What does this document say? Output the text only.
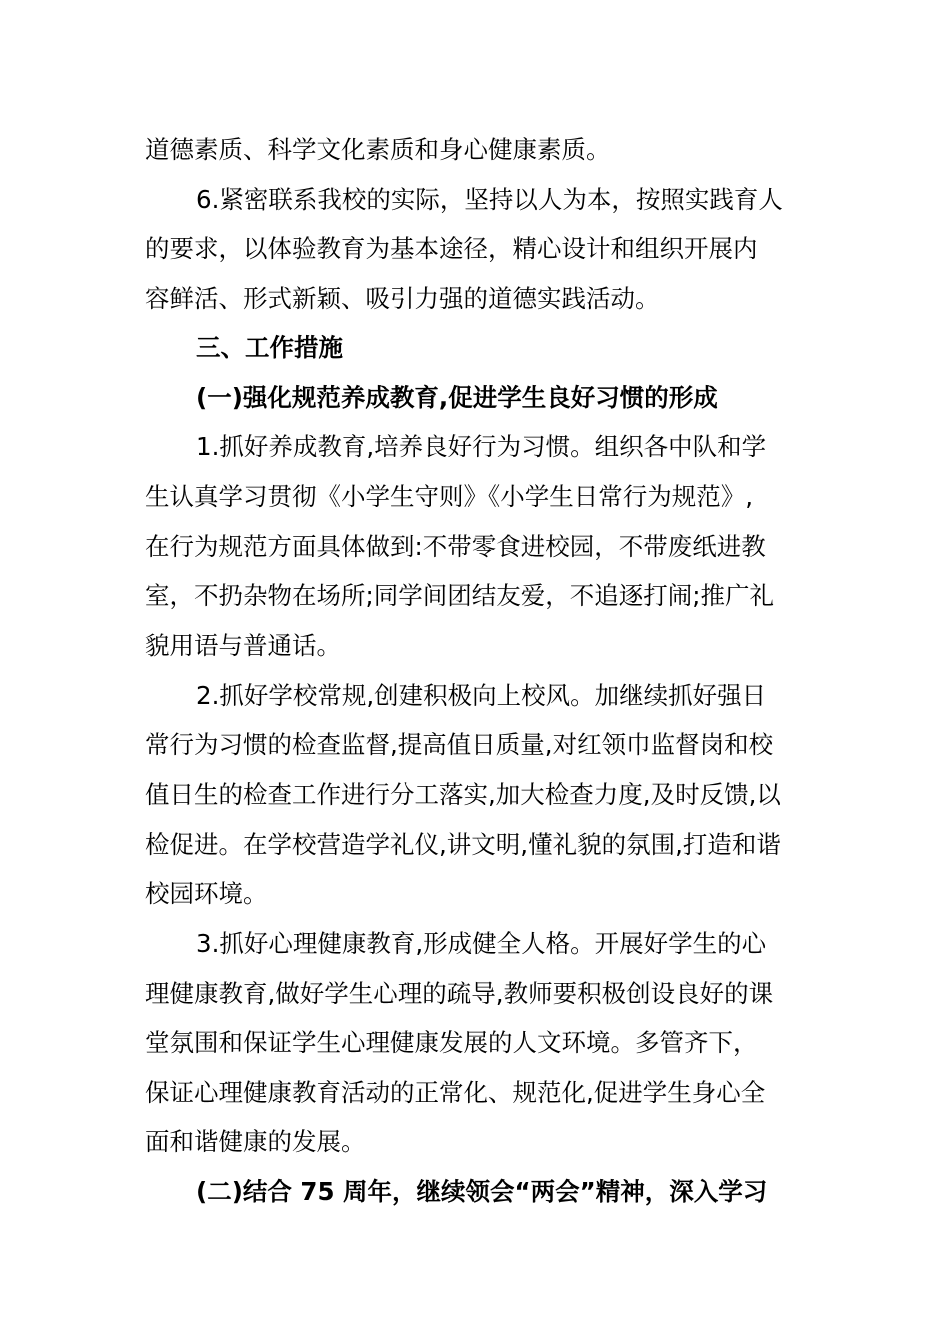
道德素质、科学文化素质和身心健康素质。

6.紧密联系我校的实际，坚持以人为本，按照实践育人

的要求，以体验教育为基本途径，精心设计和组织开展内

容鲜活、形式新颖、吸引力强的道德实践活动。

三、工作措施

(一)强化规范养成教育,促进学生良好习惯的形成

1.抓好养成教育,培养良好行为习惯。组织各中队和学

生认真学习贯彻《小学生守则》《小学生日常行为规范》,

在行为规范方面具体做到:不带零食进校园，不带废纸进教

室，不扔杂物在场所;同学间团结友爱，不追逐打闹;推广礼

貌用语与普通话。

2.抓好学校常规,创建积极向上校风。加继续抓好强日

常行为习惯的检查监督,提高值日质量,对红领巾监督岗和校

值日生的检查工作进行分工落实,加大检查力度,及时反馈,以

检促进。在学校营造学礼仪,讲文明,懂礼貌的氛围,打造和谐

校园环境。

3.抓好心理健康教育,形成健全人格。开展好学生的心

理健康教育,做好学生心理的疏导,教师要积极创设良好的课

堂氛围和保证学生心理健康发展的人文环境。多管齐下，

保证心理健康教育活动的正常化、规范化,促进学生身心全

面和谐健康的发展。

(二)结合 75 周年，继续领会“两会”精神，深入学习
